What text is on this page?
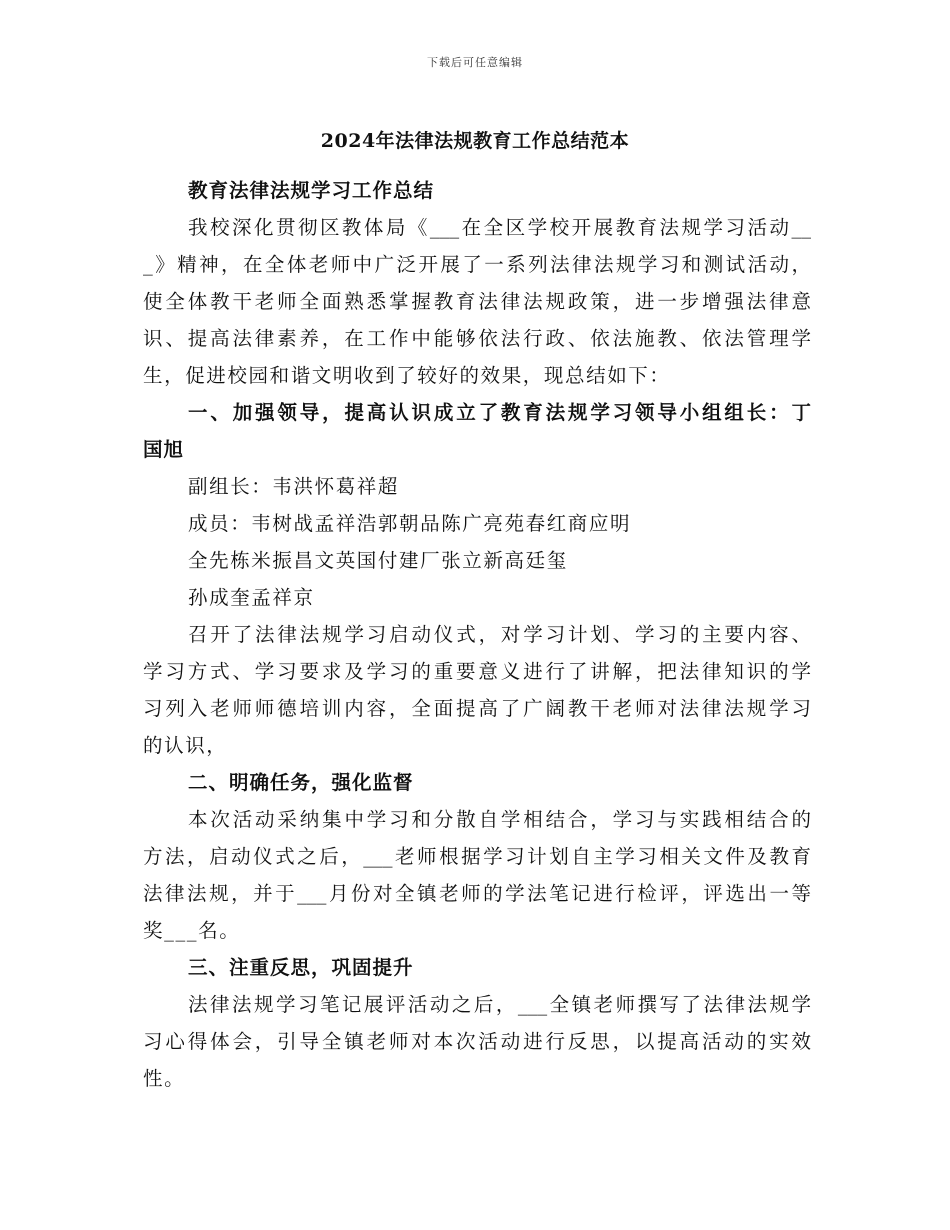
下载后可任意编辑
2024年法律法规教育工作总结范本
教育法律法规学习工作总结
我校深化贯彻区教体局《___在全区学校开展教育法规学习活动__
_》精神，在全体老师中广泛开展了一系列法律法规学习和测试活动，
使全体教干老师全面熟悉掌握教育法律法规政策，进一步增强法律意
识、提高法律素养，在工作中能够依法行政、依法施教、依法管理学
生，促进校园和谐文明收到了较好的效果，现总结如下：
一、加强领导，提高认识成立了教育法规学习领导小组组长：丁
国旭
副组长：韦洪怀葛祥超
成员：韦树战孟祥浩郭朝品陈广亮苑春红商应明
全先栋米振昌文英国付建厂张立新高廷玺
孙成奎孟祥京
召开了法律法规学习启动仪式，对学习计划、学习的主要内容、
学习方式、学习要求及学习的重要意义进行了讲解，把法律知识的学
习列入老师师德培训内容，全面提高了广阔教干老师对法律法规学习
的认识，
二、明确任务，强化监督
本次活动采纳集中学习和分散自学相结合，学习与实践相结合的
方法，启动仪式之后，___老师根据学习计划自主学习相关文件及教育
法律法规，并于___月份对全镇老师的学法笔记进行检评，评选出一等
奖___名。
三、注重反思，巩固提升
法律法规学习笔记展评活动之后，___全镇老师撰写了法律法规学
习心得体会，引导全镇老师对本次活动进行反思，以提高活动的实效
性。
